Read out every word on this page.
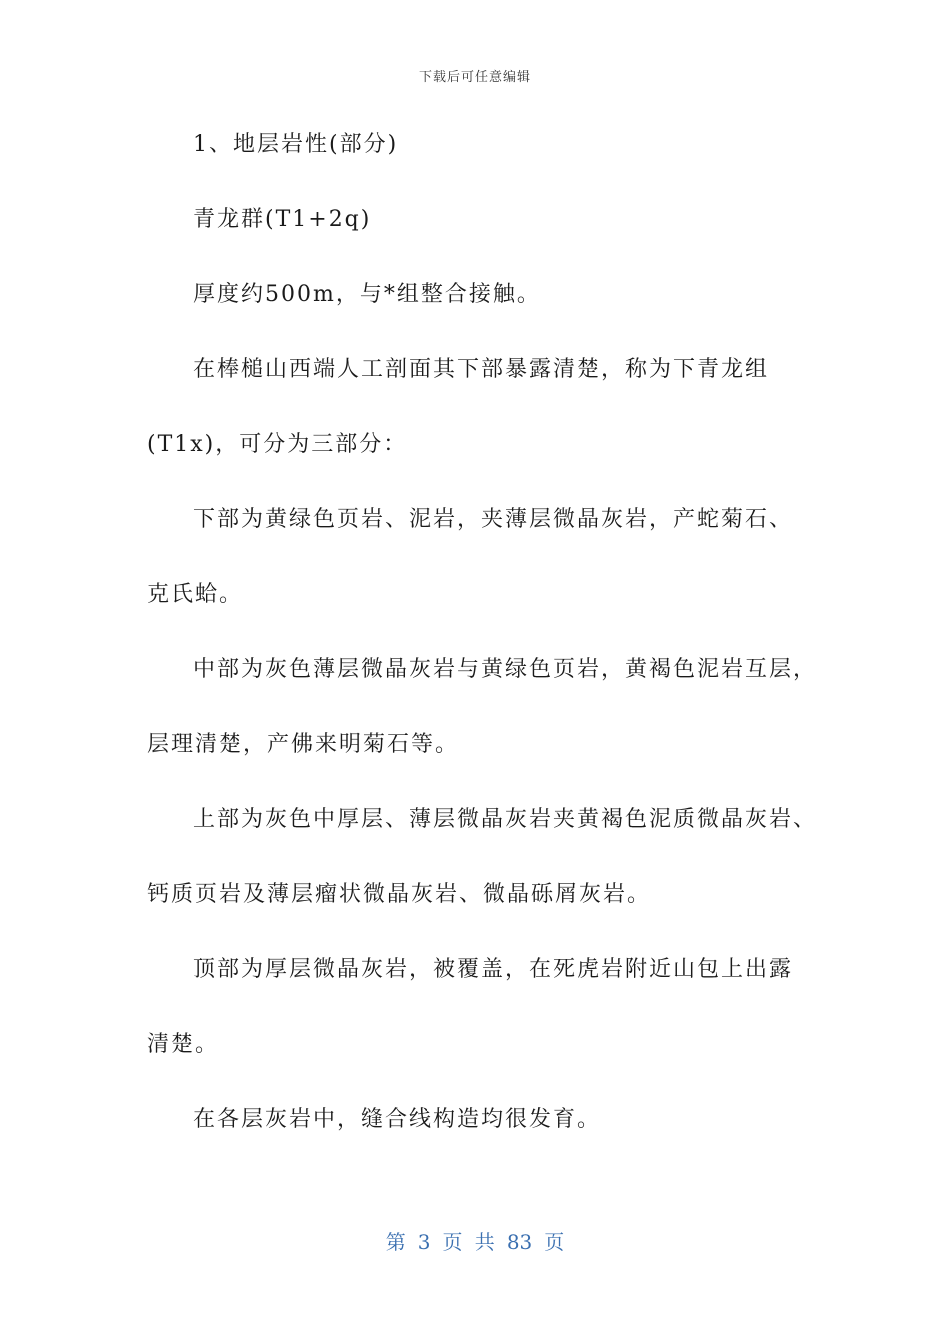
下载后可任意编辑
1、地层岩性(部分)
青龙群(T1+2q)
厚度约500m，与*组整合接触。
在棒槌山西端人工剖面其下部暴露清楚，称为下青龙组
(T1x)，可分为三部分：
下部为黄绿色页岩、泥岩，夹薄层微晶灰岩，产蛇菊石、
克氏蛤。
中部为灰色薄层微晶灰岩与黄绿色页岩，黄褐色泥岩互层，
层理清楚，产佛来明菊石等。
上部为灰色中厚层、薄层微晶灰岩夹黄褐色泥质微晶灰岩、
钙质页岩及薄层瘤状微晶灰岩、微晶砾屑灰岩。
顶部为厚层微晶灰岩，被覆盖，在死虎岩附近山包上出露
清楚。
在各层灰岩中，缝合线构造均很发育。
第 3 页 共 83 页
